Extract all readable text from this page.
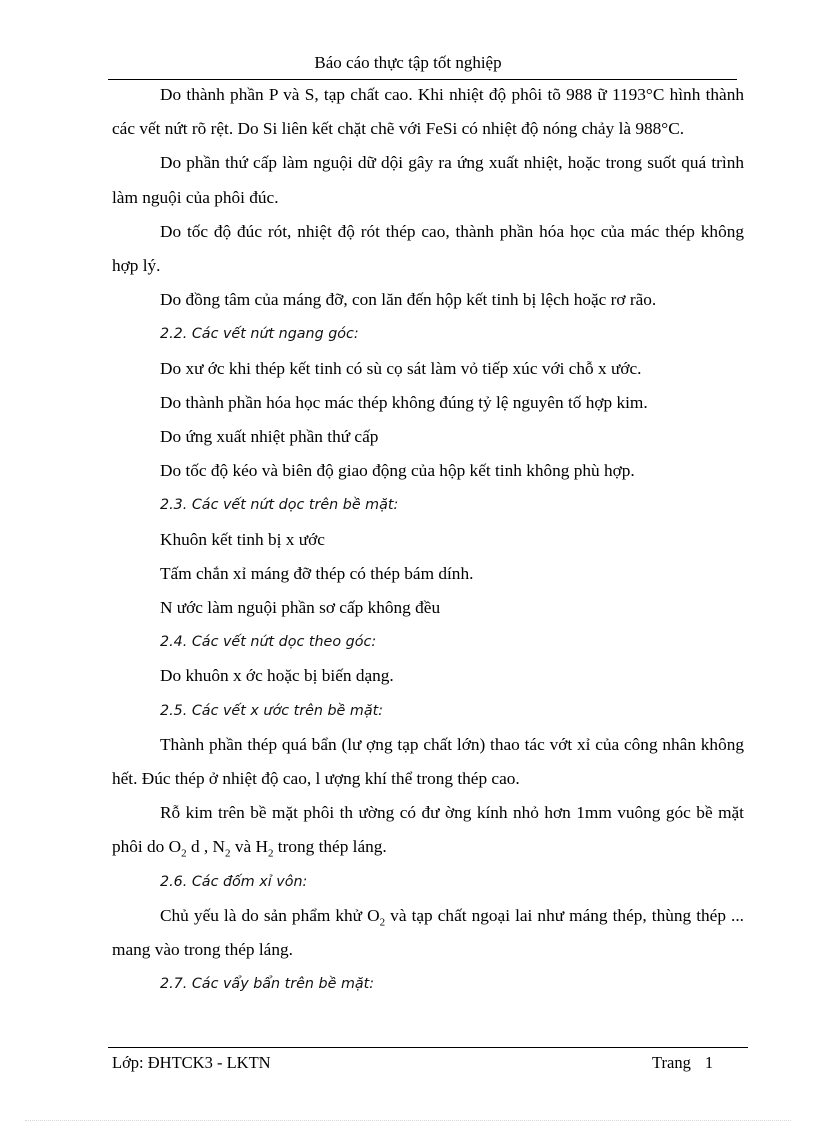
Báo cáo thực tập tốt nghiệp

Do thành phần P và S, tạp chất cao. Khi nhiệt độ phôi tõ 988 ữ 1193°C hình thành các vết nứt rõ rệt. Do Si liên kết chặt chẽ với FeSi có nhiệt độ nóng chảy là 988°C.

Do phần thứ cấp làm nguội dữ dội gây ra ứng xuất nhiệt, hoặc trong suốt quá trình làm nguội của phôi đúc.

Do tốc độ đúc rót, nhiệt độ rót thép cao, thành phần hóa học của mác thép không hợp lý.

Do đồng tâm của máng đỡ, con lăn đến hộp kết tinh bị lệch hoặc rơ rão.

2.2. Các vết nứt ngang góc:

Do xư ớc khi thép kết tinh có sù cọ sát làm vỏ tiếp xúc với chỗ x ước.

Do thành phần hóa học mác thép không đúng tỷ lệ nguyên tố hợp kim.

Do ứng xuất nhiệt phần thứ cấp

Do tốc độ kéo và biên độ giao động của hộp kết tinh không phù hợp.

2.3. Các vết nứt dọc trên bề mặt:

Khuôn kết tinh bị x ước

Tấm chắn xỉ máng đỡ thép có thép bám dính.

N ước làm nguội phần sơ cấp không đều

2.4. Các vết nứt dọc theo góc:

Do khuôn x ớc hoặc bị biến dạng.

2.5. Các vết x ước trên bề mặt:

Thành phần thép quá bẩn (lư ợng tạp chất lớn) thao tác vớt xỉ của công nhân không hết. Đúc thép ở nhiệt độ cao, l ượng khí thể trong thép cao.

Rỗ kim trên bề mặt phôi th ường có đư ờng kính nhỏ hơn 1mm vuông góc bề mặt phôi do $O_2$ d , $N_2$ và $H_2$ trong thép láng.

2.6. Các đốm xỉ vôn:

Chủ yếu là do sản phẩm khử $O_2$ và tạp chất ngoại lai như máng thép, thùng thép ... mang vào trong thép láng.

2.7. Các vẩy bẩn trên bề mặt:

Lớp: ĐHTCK3 - LKTN	Trang 1
